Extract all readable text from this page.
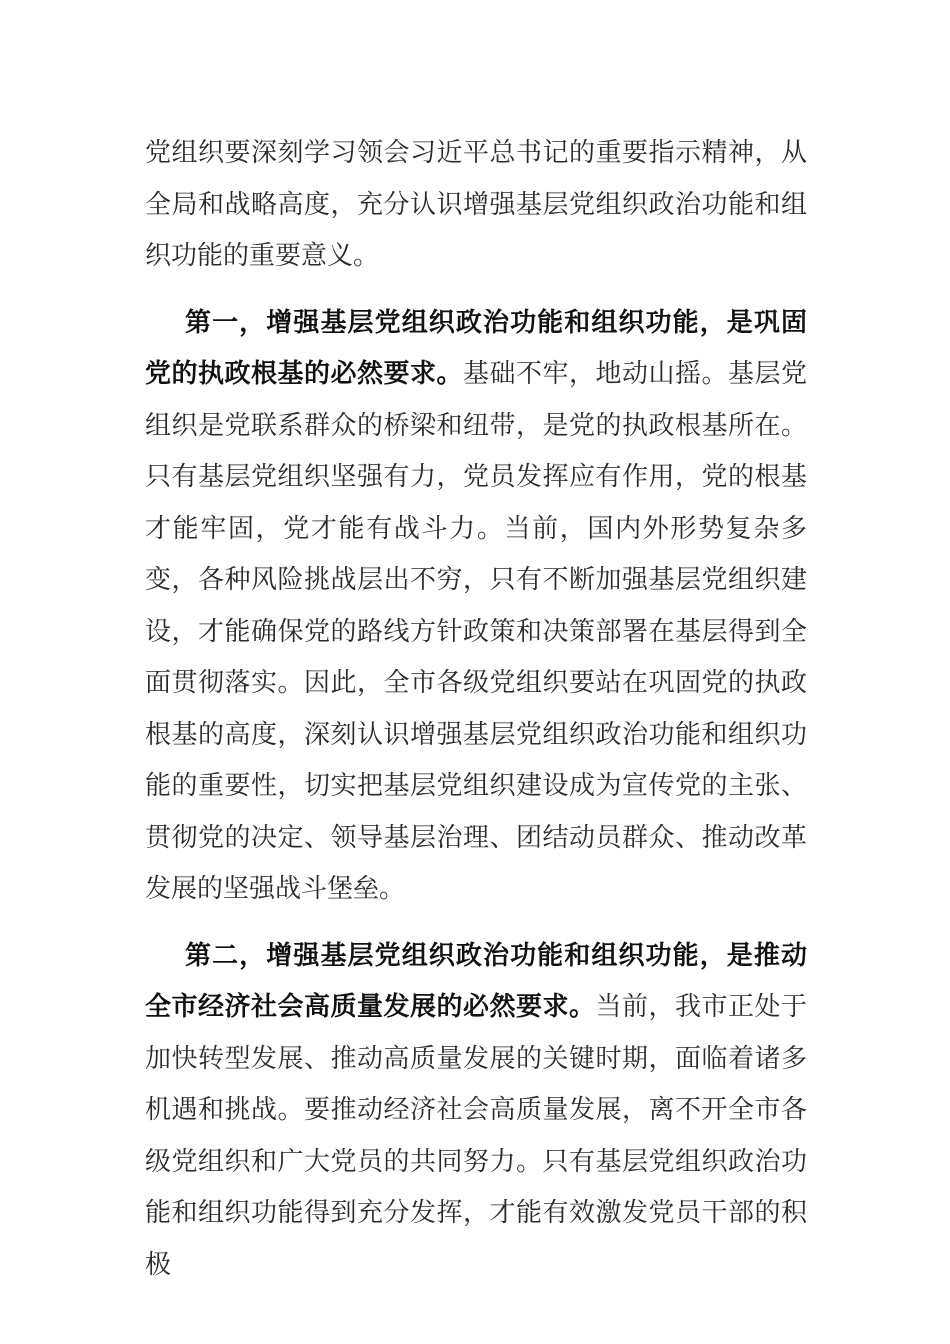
党组织要深刻学习领会习近平总书记的重要指示精神，从全局和战略高度，充分认识增强基层党组织政治功能和组织功能的重要意义。

第一，增强基层党组织政治功能和组织功能，是巩固党的执政根基的必然要求。基础不牢，地动山摇。基层党组织是党联系群众的桥梁和纽带，是党的执政根基所在。只有基层党组织坚强有力，党员发挥应有作用，党的根基才能牢固，党才能有战斗力。当前，国内外形势复杂多变，各种风险挑战层出不穷，只有不断加强基层党组织建设，才能确保党的路线方针政策和决策部署在基层得到全面贯彻落实。因此，全市各级党组织要站在巩固党的执政根基的高度，深刻认识增强基层党组织政治功能和组织功能的重要性，切实把基层党组织建设成为宣传党的主张、贯彻党的决定、领导基层治理、团结动员群众、推动改革发展的坚强战斗堡垒。

第二，增强基层党组织政治功能和组织功能，是推动全市经济社会高质量发展的必然要求。当前，我市正处于加快转型发展、推动高质量发展的关键时期，面临着诸多机遇和挑战。要推动经济社会高质量发展，离不开全市各级党组织和广大党员的共同努力。只有基层党组织政治功能和组织功能得到充分发挥，才能有效激发党员干部的积极
